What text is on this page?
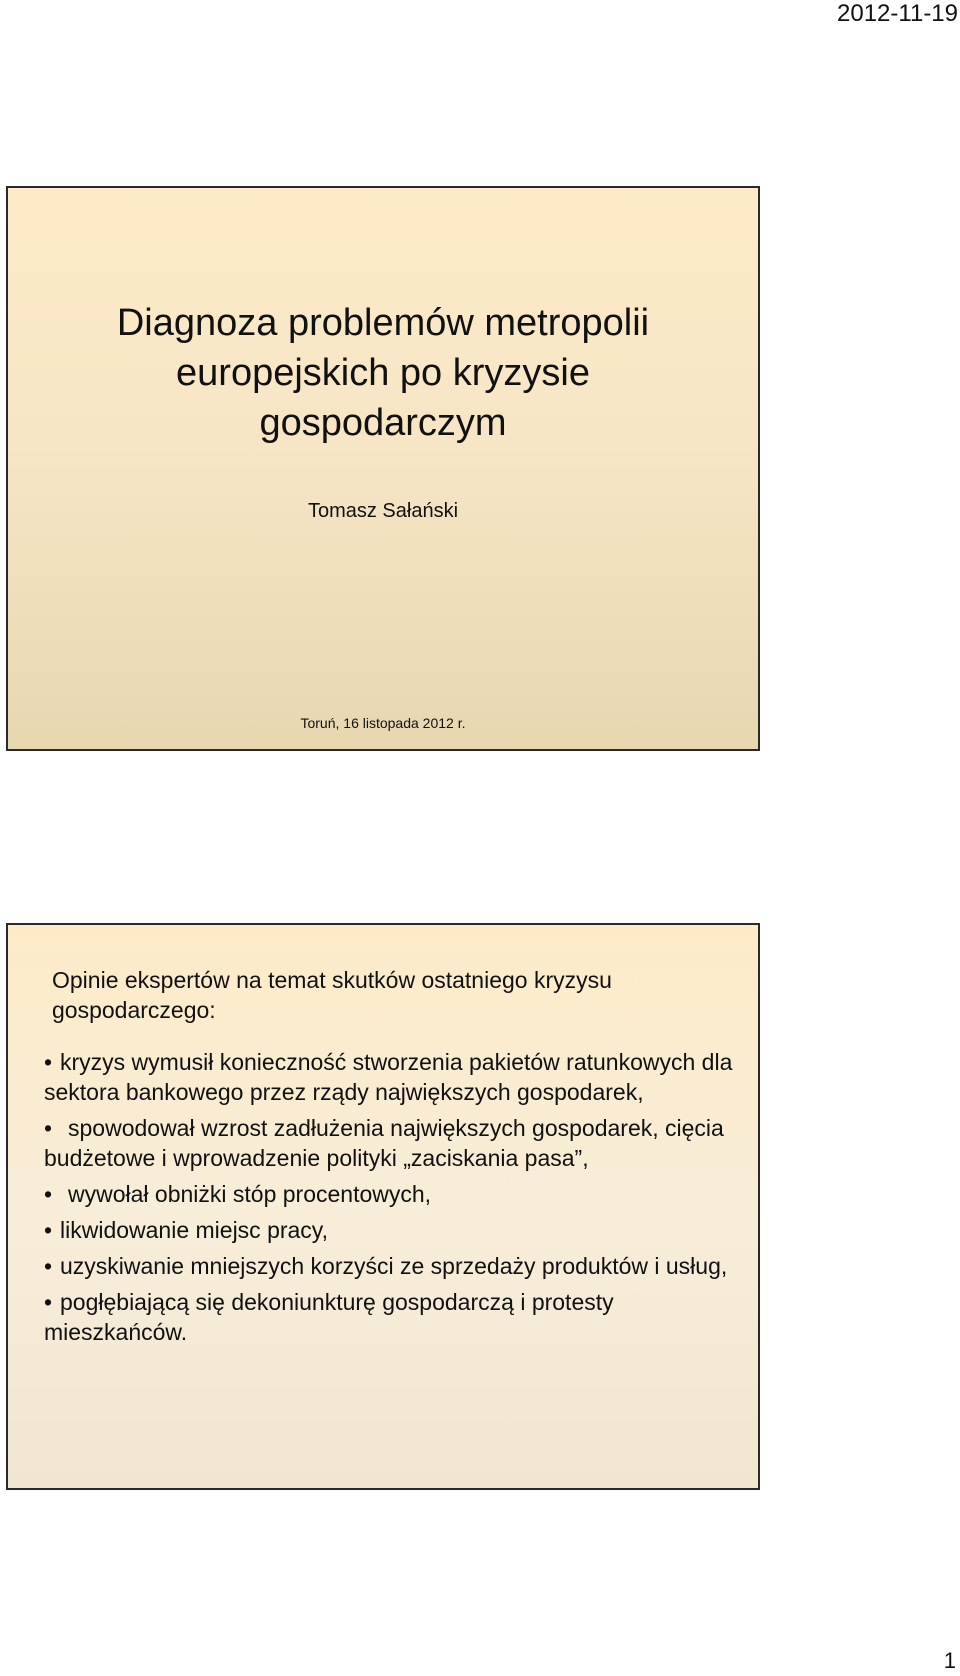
2012-11-19
Diagnoza problemów metropolii
europejskich po kryzysie
gospodarczym
Tomasz Sałański
Toruń, 16 listopada 2012 r.
Opinie ekspertów na temat skutków ostatniego kryzysu gospodarczego:
• kryzys wymusił konieczność stworzenia pakietów ratunkowych dla sektora bankowego przez rządy największych gospodarek,
• spowodował wzrost zadłużenia największych gospodarek, cięcia budżetowe i wprowadzenie polityki „zaciskania pasa”,
• wywołał obniżki stóp procentowych,
• likwidowanie miejsc pracy,
• uzyskiwanie mniejszych korzyści ze sprzedaży produktów i usług,
• pogłębiającą się dekoniunkturę gospodarczą i protesty mieszkańców.
1
